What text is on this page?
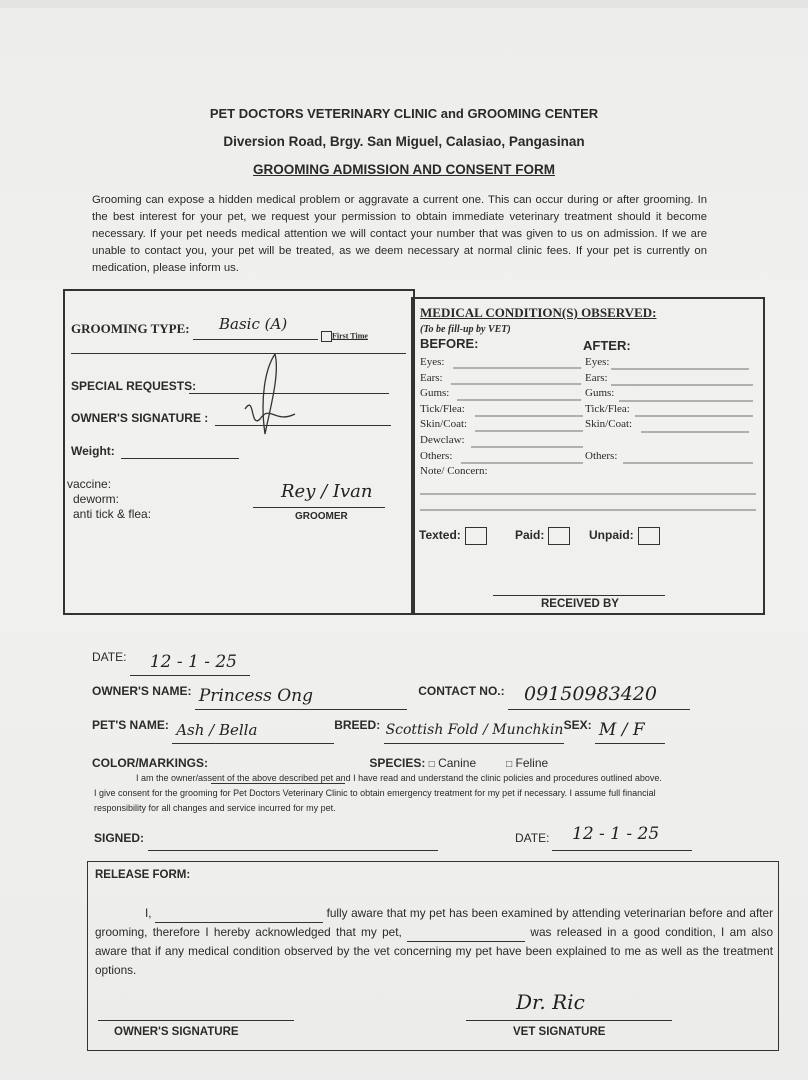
PET DOCTORS VETERINARY CLINIC and GROOMING CENTER
Diversion Road, Brgy. San Miguel, Calasiao, Pangasinan
GROOMING ADMISSION AND CONSENT FORM
Grooming can expose a hidden medical problem or aggravate a current one. This can occur during or after grooming. In the best interest for your pet, we request your permission to obtain immediate veterinary treatment should it become necessary. If your pet needs medical attention we will contact your number that was given to us on admission. If we are unable to contact you, your pet will be treated, as we deem necessary at normal clinic fees. If your pet is currently on medication, please inform us.
GROOMING TYPE: Basic (A)
First Time
SPECIAL REQUESTS:
OWNER'S SIGNATURE :
Weight:
vaccine:
deworm:
anti tick & flea:
Rey / Ivan
GROOMER
MEDICAL CONDITION(S) OBSERVED:
(To be fill-up by VET)
BEFORE:	AFTER:
Eyes:	Eyes:
Ears:	Ears:
Gums:	Gums:
Tick/Flea:	Tick/Flea:
Skin/Coat:	Skin/Coat:
Dewclaw:
Others:	Others:
Note/ Concern:
Texted:	Paid:	Unpaid:
RECEIVED BY
DATE: 12 - 1 - 25
OWNER'S NAME: Princess Ong	CONTACT NO.: 09150983420
PET'S NAME: Ash / Bella	BREED: Scottish Fold / Munchkin SEX: M / F
COLOR/MARKINGS:	SPECIES: □ Canine	□ Feline
I am the owner/assent of the above described pet and I have read and understand the clinic policies and procedures outlined above.
I give consent for the grooming for Pet Doctors Veterinary Clinic to obtain emergency treatment for my pet if necessary. I assume full financial responsibility for all changes and service incurred for my pet.
SIGNED:	DATE: 12 - 1 - 25
RELEASE FORM:
I,	fully aware that my pet has been examined by attending veterinarian before and after grooming, therefore I hereby acknowledged that my pet,	was released in a good condition, I am also aware that if any medical condition observed by the vet concerning my pet have been explained to me as well as the treatment options.
OWNER'S SIGNATURE
Dr. Ric
VET SIGNATURE
